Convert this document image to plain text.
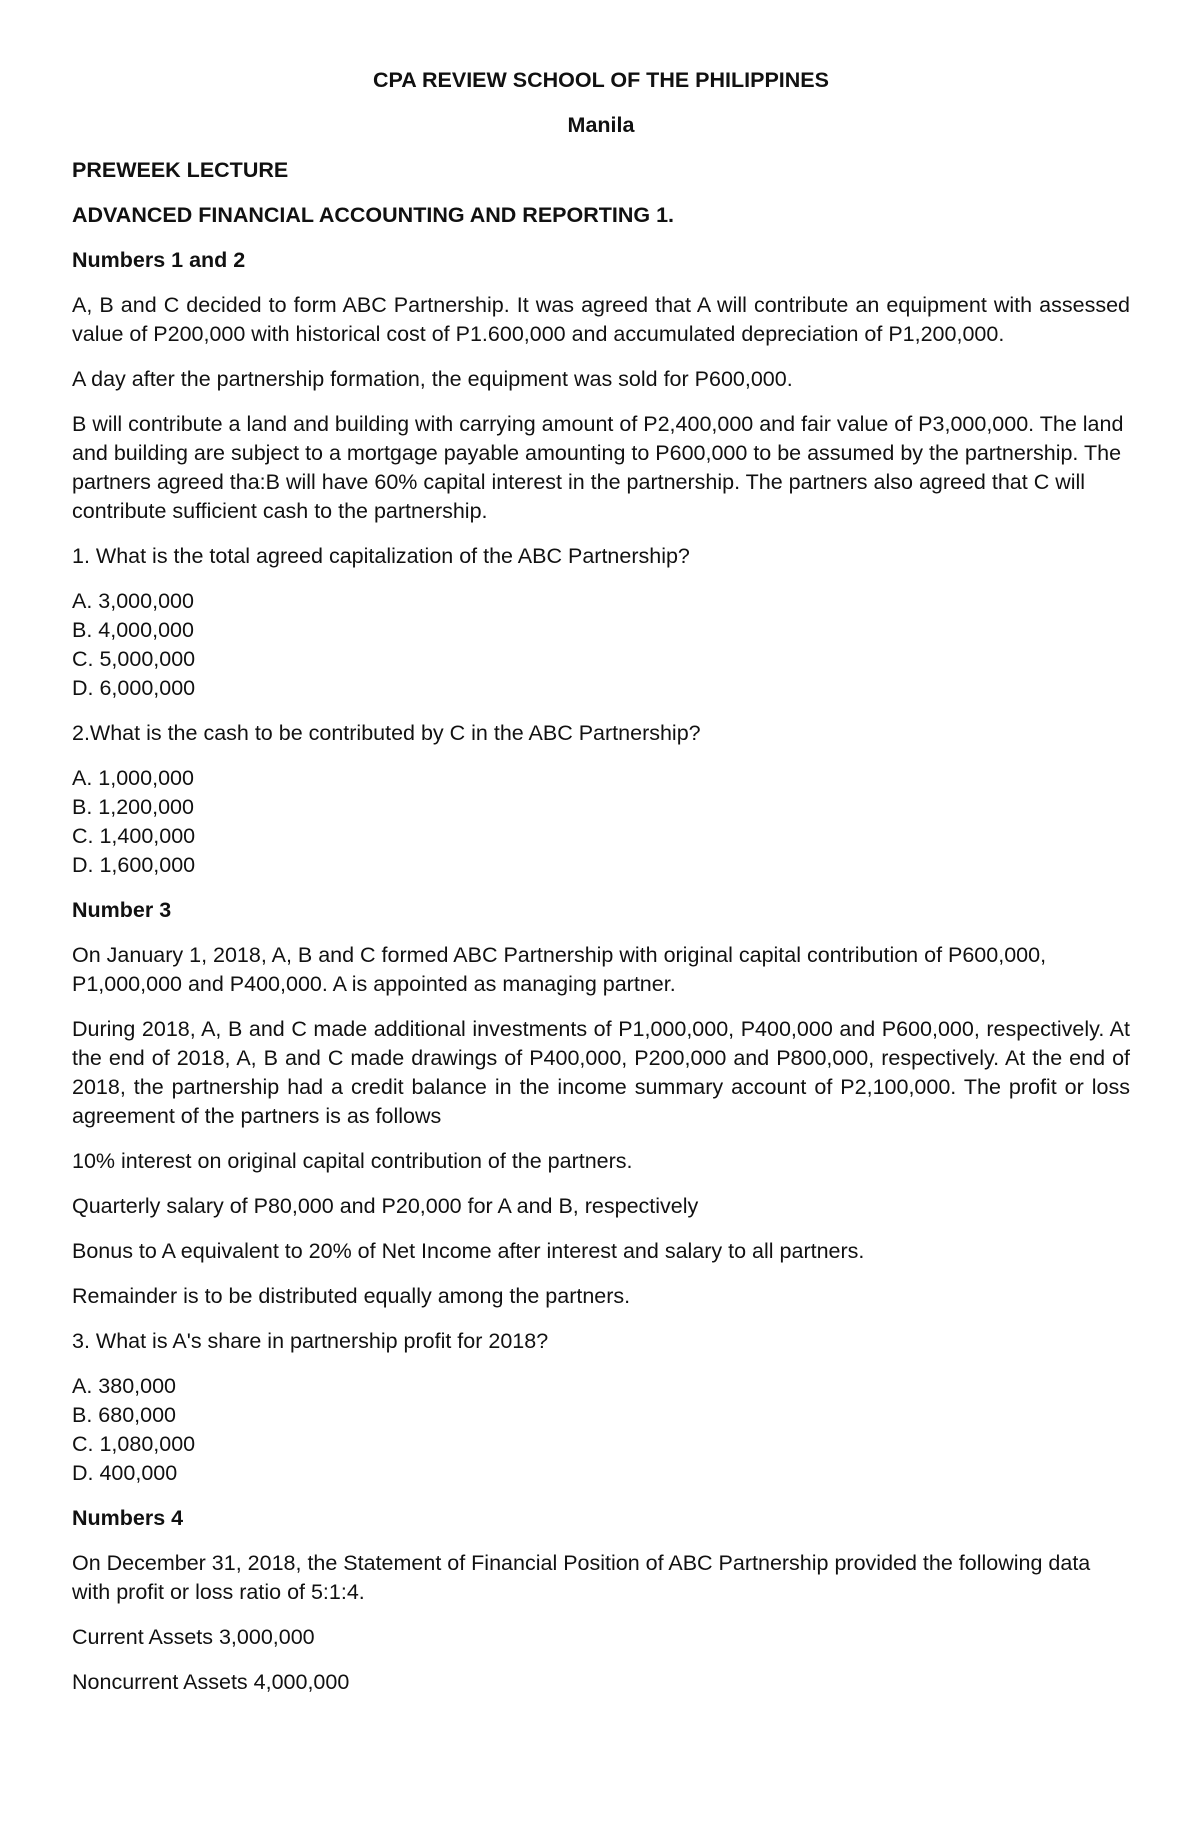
CPA REVIEW SCHOOL OF THE PHILIPPINES
Manila
PREWEEK LECTURE
ADVANCED FINANCIAL ACCOUNTING AND REPORTING 1.
Numbers 1 and 2

A, B and C decided to form ABC Partnership. It was agreed that A will contribute an equipment with assessed value of P200,000 with historical cost of P1.600,000 and accumulated depreciation of P1,200,000.

A day after the partnership formation, the equipment was sold for P600,000.

B will contribute a land and building with carrying amount of P2,400,000 and fair value of P3,000,000. The land and building are subject to a mortgage payable amounting to P600,000 to be assumed by the partnership. The partners agreed tha:B will have 60% capital interest in the partnership. The partners also agreed that C will contribute sufficient cash to the partnership.

1. What is the total agreed capitalization of the ABC Partnership?
A. 3,000,000
B. 4,000,000
C. 5,000,000
D. 6,000,000
2.What is the cash to be contributed by C in the ABC Partnership?
A. 1,000,000
B. 1,200,000
C. 1,400,000
D. 1,600,000
Number 3

On January 1, 2018, A, B and C formed ABC Partnership with original capital contribution of P600,000, P1,000,000 and P400,000. A is appointed as managing partner.

During 2018, A, B and C made additional investments of P1,000,000, P400,000 and P600,000, respectively. At the end of 2018, A, B and C made drawings of P400,000, P200,000 and P800,000, respectively. At the end of 2018, the partnership had a credit balance in the income summary account of P2,100,000. The profit or loss agreement of the partners is as follows

10% interest on original capital contribution of the partners.

Quarterly salary of P80,000 and P20,000 for A and B, respectively

Bonus to A equivalent to 20% of Net Income after interest and salary to all partners.

Remainder is to be distributed equally among the partners.

3. What is A's share in partnership profit for 2018?
A. 380,000
B. 680,000
C. 1,080,000
D. 400,000
Numbers 4

On December 31, 2018, the Statement of Financial Position of ABC Partnership provided the following data with profit or loss ratio of 5:1:4.

Current Assets 3,000,000

Noncurrent Assets 4,000,000
